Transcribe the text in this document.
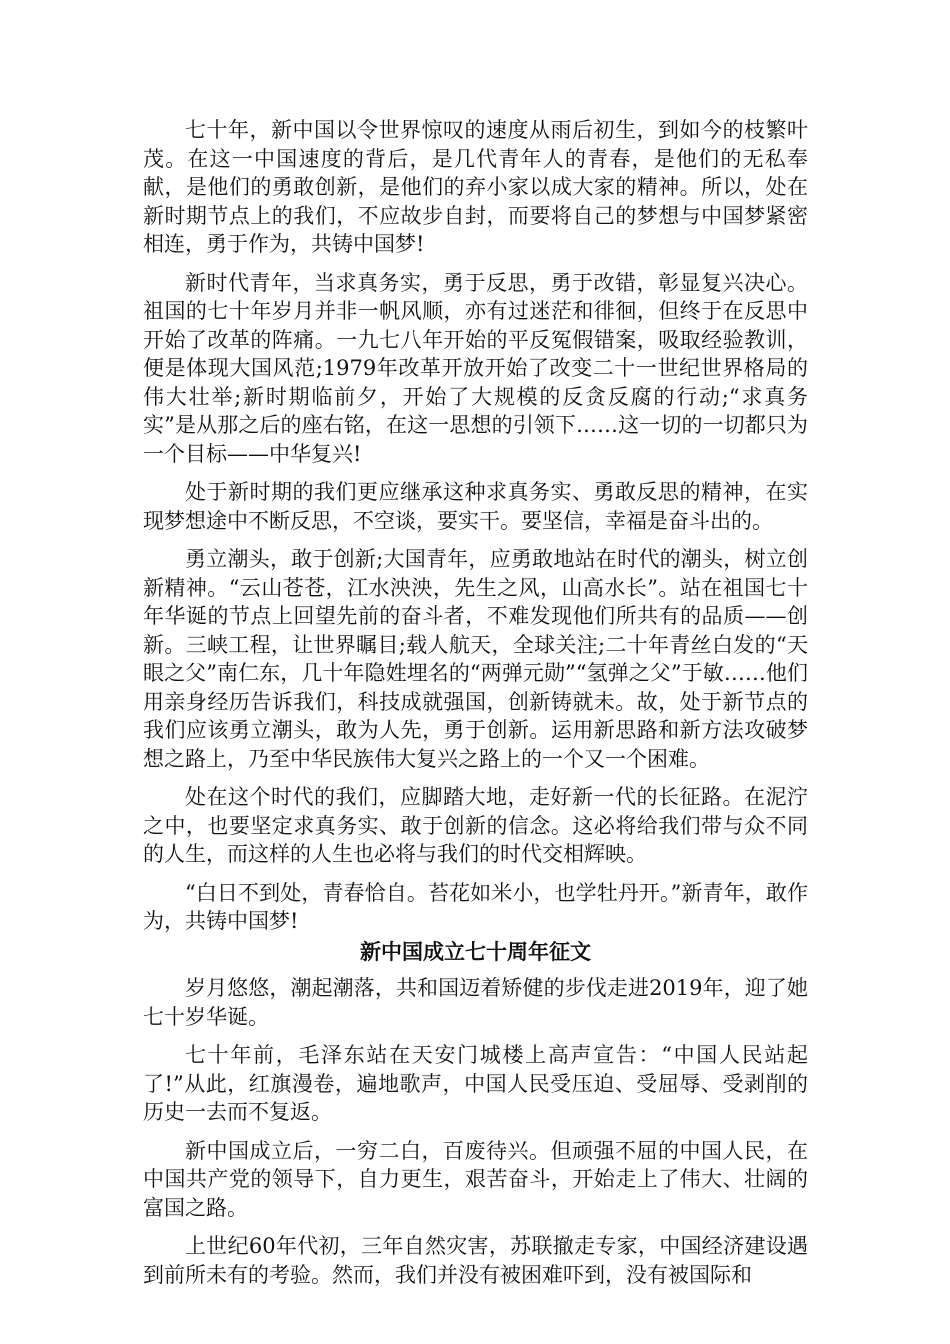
七十年，新中国以令世界惊叹的速度从雨后初生，到如今的枝繁叶茂。在这一中国速度的背后，是几代青年人的青春，是他们的无私奉献，是他们的勇敢创新，是他们的弃小家以成大家的精神。所以，处在新时期节点上的我们，不应故步自封，而要将自己的梦想与中国梦紧密相连，勇于作为，共铸中国梦!

新时代青年，当求真务实，勇于反思，勇于改错，彰显复兴决心。祖国的七十年岁月并非一帆风顺，亦有过迷茫和徘徊，但终于在反思中开始了改革的阵痛。一九七八年开始的平反冤假错案，吸取经验教训，便是体现大国风范;1979年改革开放开始了改变二十一世纪世界格局的伟大壮举;新时期临前夕，开始了大规模的反贪反腐的行动;“求真务实”是从那之后的座右铭，在这一思想的引领下……这一切的一切都只为一个目标——中华复兴!

处于新时期的我们更应继承这种求真务实、勇敢反思的精神，在实现梦想途中不断反思，不空谈，要实干。要坚信，幸福是奋斗出的。

勇立潮头，敢于创新;大国青年，应勇敢地站在时代的潮头，树立创新精神。“云山苍苍，江水泱泱，先生之风，山高水长”。站在祖国七十年华诞的节点上回望先前的奋斗者，不难发现他们所共有的品质——创新。三峡工程，让世界瞩目;载人航天，全球关注;二十年青丝白发的“天眼之父”南仁东，几十年隐姓埋名的“两弹元勋”“氢弹之父”于敏……他们用亲身经历告诉我们，科技成就强国，创新铸就未。故，处于新节点的我们应该勇立潮头，敢为人先，勇于创新。运用新思路和新方法攻破梦想之路上，乃至中华民族伟大复兴之路上的一个又一个困难。

处在这个时代的我们，应脚踏大地，走好新一代的长征路。在泥泞之中，也要坚定求真务实、敢于创新的信念。这必将给我们带与众不同的人生，而这样的人生也必将与我们的时代交相辉映。

“白日不到处，青春恰自。苔花如米小，也学牡丹开。”新青年，敢作为，共铸中国梦!

新中国成立七十周年征文

岁月悠悠，潮起潮落，共和国迈着矫健的步伐走进2019年，迎了她七十岁华诞。

七十年前，毛泽东站在天安门城楼上高声宣告：“中国人民站起了!”从此，红旗漫卷，遍地歌声，中国人民受压迫、受屈辱、受剥削的历史一去而不复返。

新中国成立后，一穷二白，百废待兴。但顽强不屈的中国人民，在中国共产党的领导下，自力更生，艰苦奋斗，开始走上了伟大、壮阔的富国之路。

上世纪60年代初，三年自然灾害，苏联撤走专家，中国经济建设遇到前所未有的考验。然而，我们并没有被困难吓到，没有被国际和
